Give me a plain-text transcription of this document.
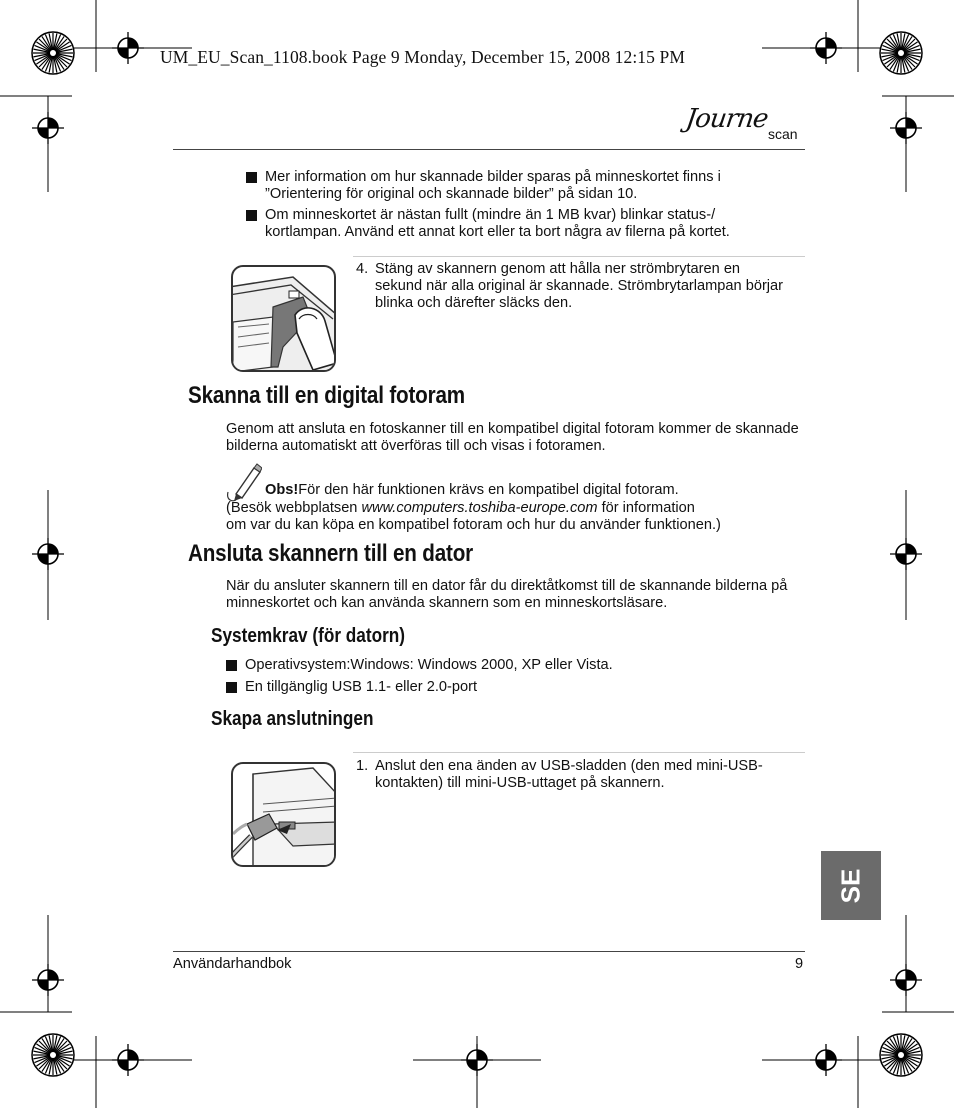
UM_EU_Scan_1108.book Page 9 Monday, December 15, 2008 12:15 PM
Journe
scan
Mer information om hur skannade bilder sparas på minneskortet finns i ”Orientering för original och skannade bilder” på sidan 10.
Om minneskortet är nästan fullt (mindre än 1 MB kvar) blinkar status-/ kortlampan. Använd ett annat kort eller ta bort några av filerna på kortet.
4. Stäng av skannern genom att hålla ner strömbrytaren en sekund när alla original är skannade. Strömbrytarlampan börjar blinka och därefter släcks den.
Skanna till en digital fotoram
Genom att ansluta en fotoskanner till en kompatibel digital fotoram kommer de skannade bilderna automatiskt att överföras till och visas i fotoramen.
Obs!För den här funktionen krävs en kompatibel digital fotoram.
(Besök webbplatsen www.computers.toshiba-europe.com för information
om var du kan köpa en kompatibel fotoram och hur du använder funktionen.)
Ansluta skannern till en dator
När du ansluter skannern till en dator får du direktåtkomst till de skannande bilderna på minneskortet och kan använda skannern som en minneskortsläsare.
Systemkrav (för datorn)
Operativsystem:Windows: Windows 2000, XP eller Vista.
En tillgänglig USB 1.1- eller 2.0-port
Skapa anslutningen
1. Anslut den ena änden av USB-sladden (den med mini-USB-kontakten) till mini-USB-uttaget på skannern.
SE
Användarhandbok	9
